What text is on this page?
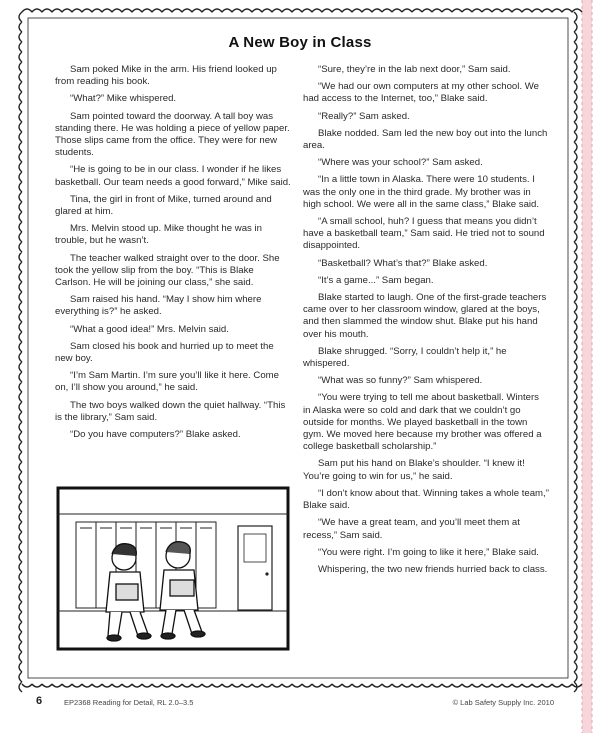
A New Boy in Class

Sam poked Mike in the arm. His friend looked up from reading his book.

“What?” Mike whispered.

Sam pointed toward the doorway. A tall boy was standing there. He was holding a piece of yellow paper. Those slips came from the office. They were for new students.

“He is going to be in our class. I wonder if he likes basketball. Our team needs a good forward,” Mike said.

Tina, the girl in front of Mike, turned around and glared at him.

Mrs. Melvin stood up. Mike thought he was in trouble, but he wasn’t.

The teacher walked straight over to the door. She took the yellow slip from the boy. “This is Blake Carlson. He will be joining our class,” she said.

Sam raised his hand. “May I show him where everything is?” he asked.

“What a good idea!” Mrs. Melvin said.

Sam closed his book and hurried up to meet the new boy.

“I’m Sam Martin. I’m sure you’ll like it here. Come on, I’ll show you around,” he said.

The two boys walked down the quiet hallway. “This is the library,” Sam said.

“Do you have computers?” Blake asked.

“Sure, they’re in the lab next door,” Sam said.

“We had our own computers at my other school. We had access to the Internet, too,” Blake said.

“Really?” Sam asked.

Blake nodded. Sam led the new boy out into the lunch area.

“Where was your school?” Sam asked.

“In a little town in Alaska. There were 10 students. I was the only one in the third grade. My brother was in high school. We were all in the same class,” Blake said.

“A small school, huh? I guess that means you didn’t have a basketball team,” Sam said. He tried not to sound disappointed.

“Basketball? What’s that?” Blake asked.

“It’s a game...” Sam began.

Blake started to laugh. One of the first-grade teachers came over to her classroom window, glared at the boys, and then slammed the window shut. Blake put his hand over his mouth.

Blake shrugged. “Sorry, I couldn’t help it,” he whispered.

“What was so funny?” Sam whispered.

“You were trying to tell me about basketball. Winters in Alaska were so cold and dark that we couldn’t go outside for months. We played basketball in the town gym. We moved here because my brother was offered a college basketball scholarship.”

Sam put his hand on Blake’s shoulder. “I knew it! You’re going to win for us,” he said.

“I don’t know about that. Winning takes a whole team,” Blake said.

“We have a great team, and you’ll meet them at recess,” Sam said.

“You were right. I’m going to like it here,” Blake said.

Whispering, the two new friends hurried back to class.

6	EP2368 Reading for Detail, RL 2.0–3.5	© Lab Safety Supply Inc. 2010
